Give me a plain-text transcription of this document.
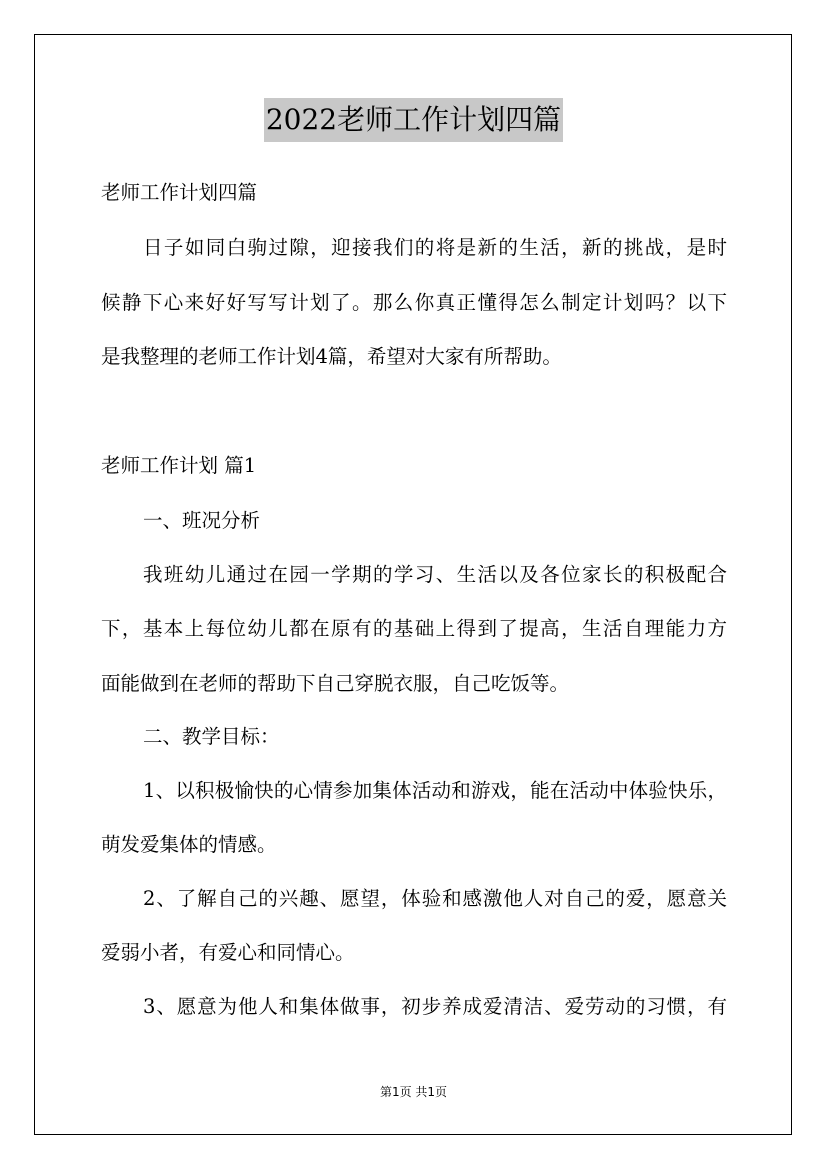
2022老师工作计划四篇
老师工作计划四篇
日子如同白驹过隙，迎接我们的将是新的生活，新的挑战，是时
候静下心来好好写写计划了。那么你真正懂得怎么制定计划吗？以下
是我整理的老师工作计划4篇，希望对大家有所帮助。
老师工作计划 篇1
一、班况分析
我班幼儿通过在园一学期的学习、生活以及各位家长的积极配合
下，基本上每位幼儿都在原有的基础上得到了提高，生活自理能力方
面能做到在老师的帮助下自己穿脱衣服，自己吃饭等。
二、教学目标：
1、以积极愉快的心情参加集体活动和游戏，能在活动中体验快乐，
萌发爱集体的情感。
2、了解自己的兴趣、愿望，体验和感激他人对自己的爱，愿意关
爱弱小者，有爱心和同情心。
3、愿意为他人和集体做事，初步养成爱清洁、爱劳动的习惯，有
第1页 共1页
